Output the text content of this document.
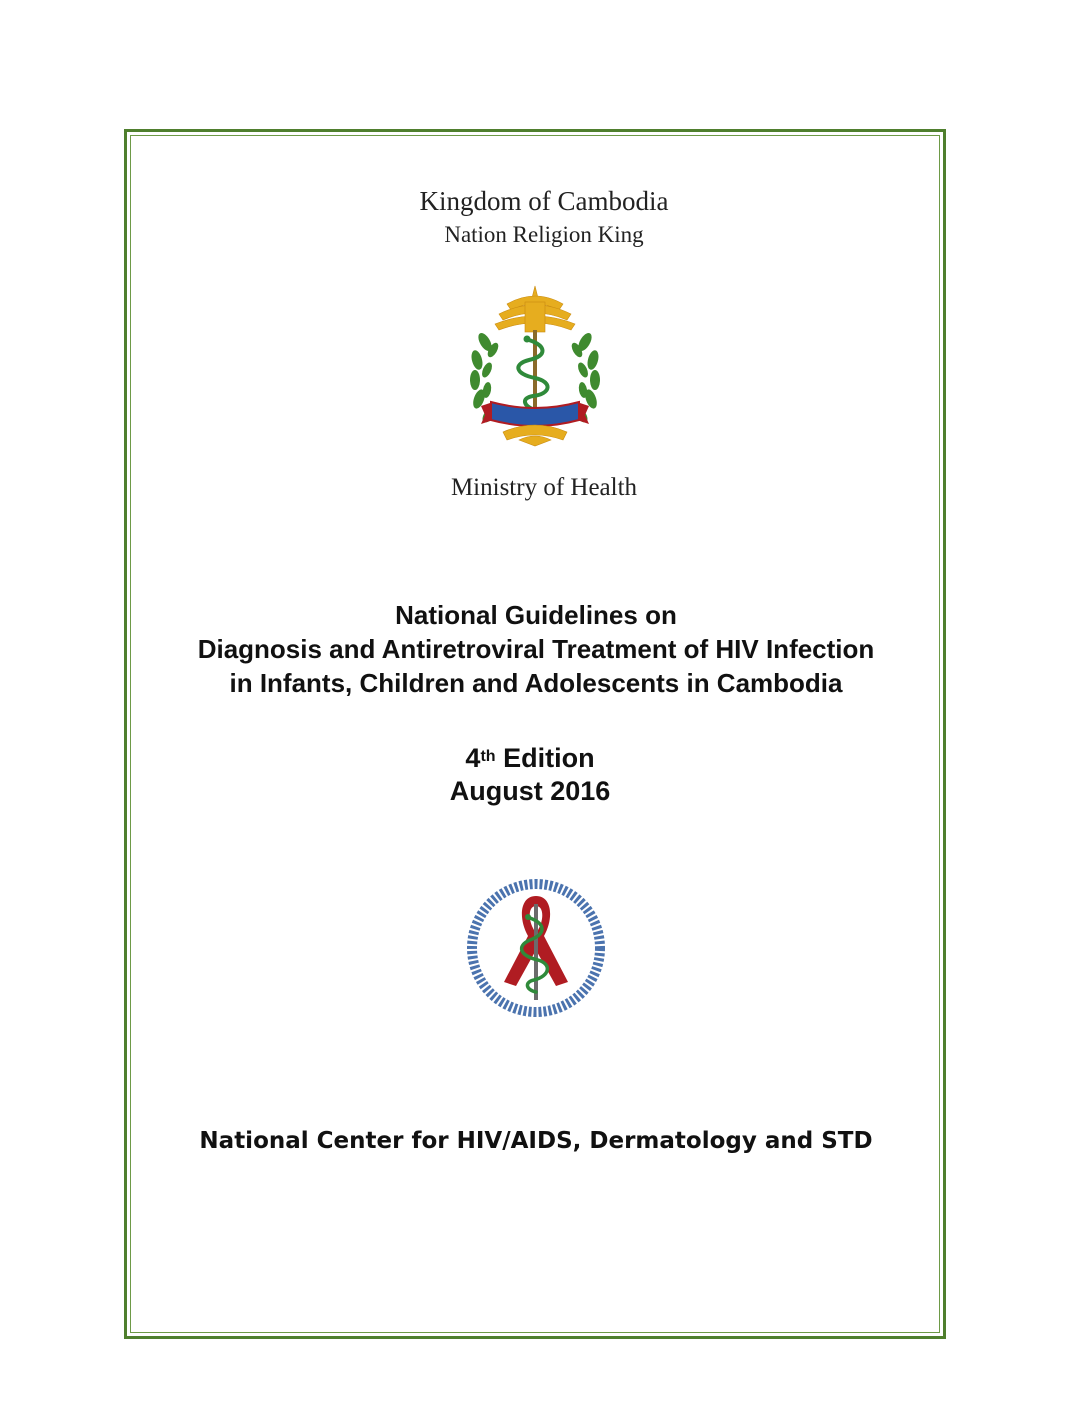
Kingdom of Cambodia

Nation Religion King

Ministry of Health

National Guidelines on
Diagnosis and Antiretroviral Treatment of HIV Infection
in Infants, Children and Adolescents in Cambodia
4th Edition
August 2016

National Center for HIV/AIDS, Dermatology and STD
